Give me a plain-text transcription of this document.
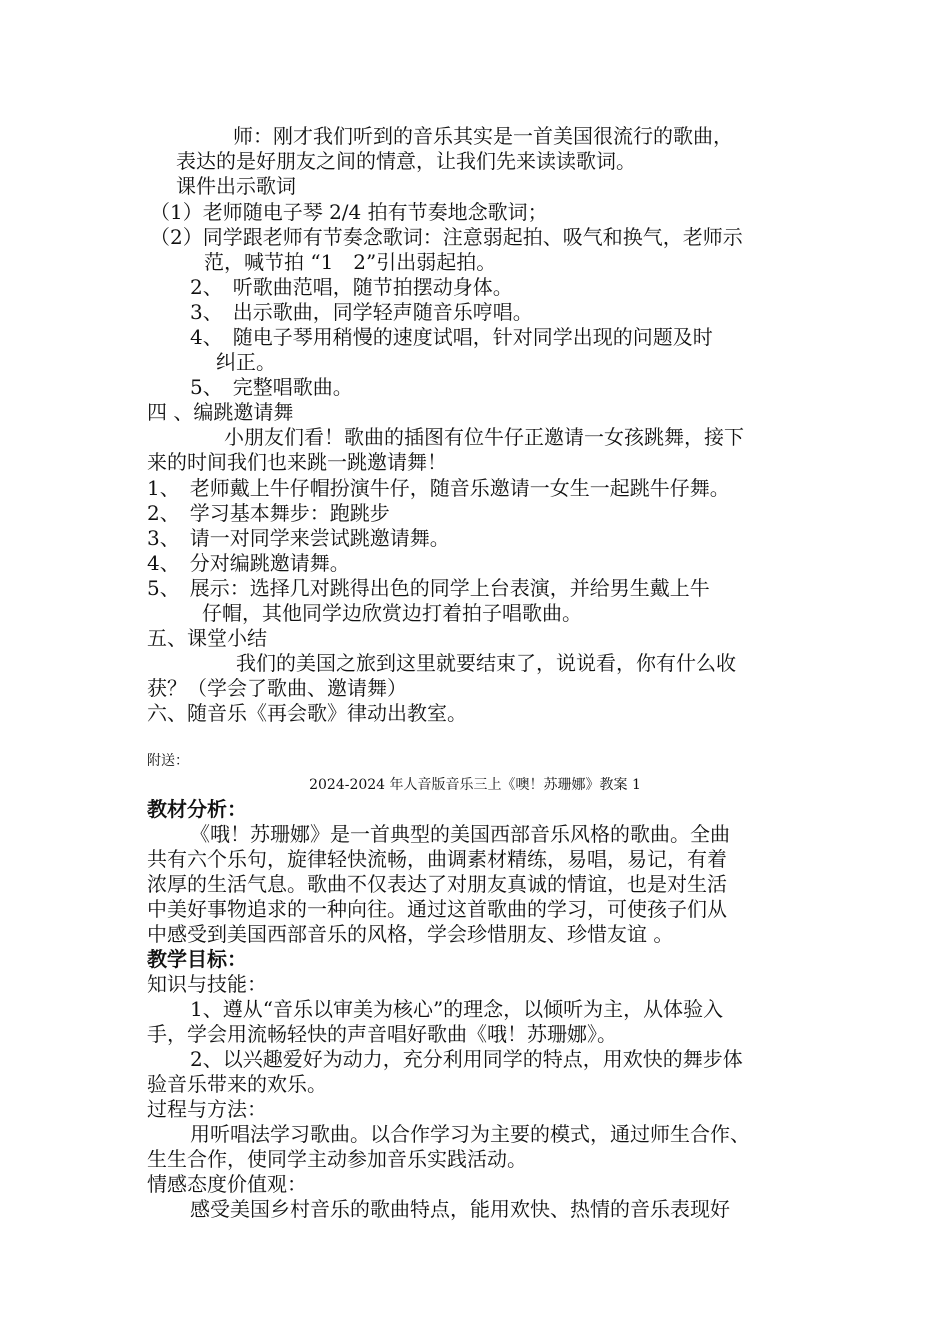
师：刚才我们听到的音乐其实是一首美国很流行的歌曲，
表达的是好朋友之间的情意，让我们先来读读歌词。
课件出示歌词
（1）老师随电子琴 2/4 拍有节奏地念歌词；
（2）同学跟老师有节奏念歌词：注意弱起拍、吸气和换气，老师示
范，喊节拍 “1　2”引出弱起拍。
2、　听歌曲范唱，随节拍摆动身体。
3、　出示歌曲，同学轻声随音乐哼唱。
4、　随电子琴用稍慢的速度试唱，针对同学出现的问题及时
纠正。
5、　完整唱歌曲。
四 、编跳邀请舞
小朋友们看！歌曲的插图有位牛仔正邀请一女孩跳舞，接下
来的时间我们也来跳一跳邀请舞！
1、　老师戴上牛仔帽扮演牛仔，随音乐邀请一女生一起跳牛仔舞。
2、　学习基本舞步：跑跳步
3、　请一对同学来尝试跳邀请舞。
4、　分对编跳邀请舞。
5、　展示：选择几对跳得出色的同学上台表演，并给男生戴上牛
仔帽，其他同学边欣赏边打着拍子唱歌曲。
五、课堂小结
我们的美国之旅到这里就要结束了，说说看，你有什么收
获？（学会了歌曲、邀请舞）
六、随音乐《再会歌》律动出教室。
附送：
2024-2024 年人音版音乐三上《噢！苏珊娜》教案 1
教材分析：
《哦！苏珊娜》是一首典型的美国西部音乐风格的歌曲。全曲
共有六个乐句，旋律轻快流畅，曲调素材精练，易唱，易记，有着
浓厚的生活气息。歌曲不仅表达了对朋友真诚的情谊，也是对生活
中美好事物追求的一种向往。通过这首歌曲的学习，可使孩子们从
中感受到美国西部音乐的风格，学会珍惜朋友、珍惜友谊 。
教学目标：
知识与技能：
1、遵从“音乐以审美为核心”的理念，以倾听为主，从体验入
手，学会用流畅轻快的声音唱好歌曲《哦！苏珊娜》。
2、以兴趣爱好为动力，充分利用同学的特点，用欢快的舞步体
验音乐带来的欢乐。
过程与方法：
用听唱法学习歌曲。以合作学习为主要的模式，通过师生合作、
生生合作，使同学主动参加音乐实践活动。
情感态度价值观：
感受美国乡村音乐的歌曲特点，能用欢快、热情的音乐表现好
